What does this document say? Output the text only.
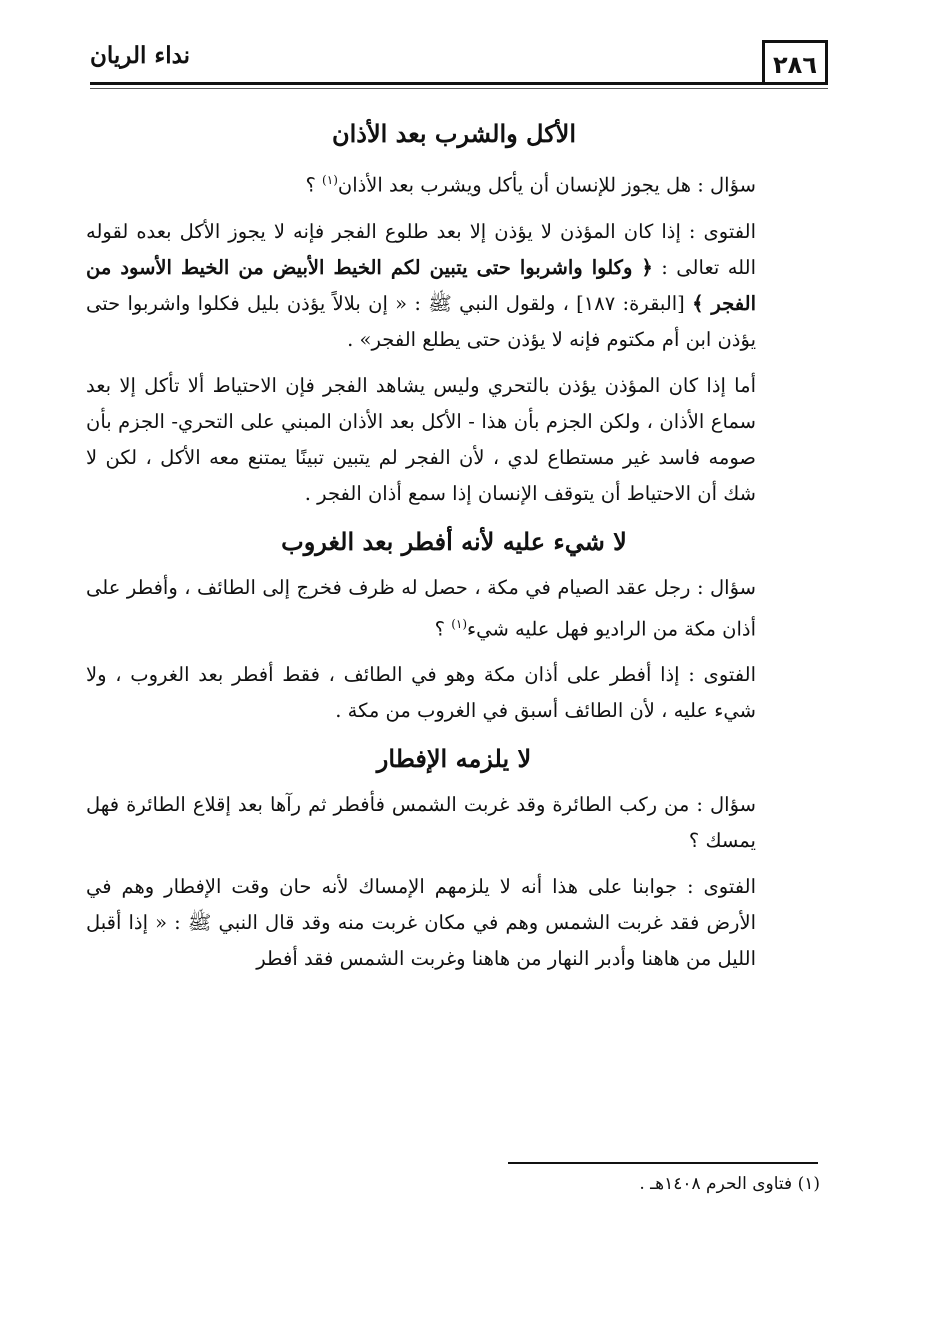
نداء الريان	٢٨٦
الأكل والشرب بعد الأذان

سؤال : هل يجوز للإنسان أن يأكل ويشرب بعد الأذان$^{(١)}$ ؟

الفتوى : إذا كان المؤذن لا يؤذن إلا بعد طلوع الفجر فإنه لا يجوز الأكل بعده لقوله الله تعالى : ﴿ وكلوا واشربوا حتى يتبين لكم الخيط الأبيض من الخيط الأسود من الفجر ﴾ [البقرة: ١٨٧] ، ولقول النبي ﷺ : « إن بلالاً يؤذن بليل فكلوا واشربوا حتى يؤذن ابن أم مكتوم فإنه لا يؤذن حتى يطلع الفجر» .

أما إذا كان المؤذن يؤذن بالتحري وليس يشاهد الفجر فإن الاحتياط ألا تأكل إلا بعد سماع الأذان ، ولكن الجزم بأن هذا - الأكل بعد الأذان المبني على التحري- الجزم بأن صومه فاسد غير مستطاع لدي ، لأن الفجر لم يتبين تبينًا يمتنع معه الأكل ، لكن لا شك أن الاحتياط أن يتوقف الإنسان إذا سمع أذان الفجر .

لا شيء عليه لأنه أفطر بعد الغروب

سؤال : رجل عقد الصيام في مكة ، حصل له ظرف فخرج إلى الطائف ، وأفطر على أذان مكة من الراديو فهل عليه شيء$^{(١)}$ ؟

الفتوى : إذا أفطر على أذان مكة وهو في الطائف ، فقط أفطر بعد الغروب ، ولا شيء عليه ، لأن الطائف أسبق في الغروب من مكة .

لا يلزمه الإفطار

سؤال : من ركب الطائرة وقد غربت الشمس فأفطر ثم رآها بعد إقلاع الطائرة فهل يمسك ؟

الفتوى : جوابنا على هذا أنه لا يلزمهم الإمساك لأنه حان وقت الإفطار وهم في الأرض فقد غربت الشمس وهم في مكان غربت منه وقد قال النبي ﷺ : « إذا أقبل الليل من هاهنا وأدبر النهار من هاهنا وغربت الشمس فقد أفطر

(١) فتاوى الحرم ١٤٠٨هـ .
